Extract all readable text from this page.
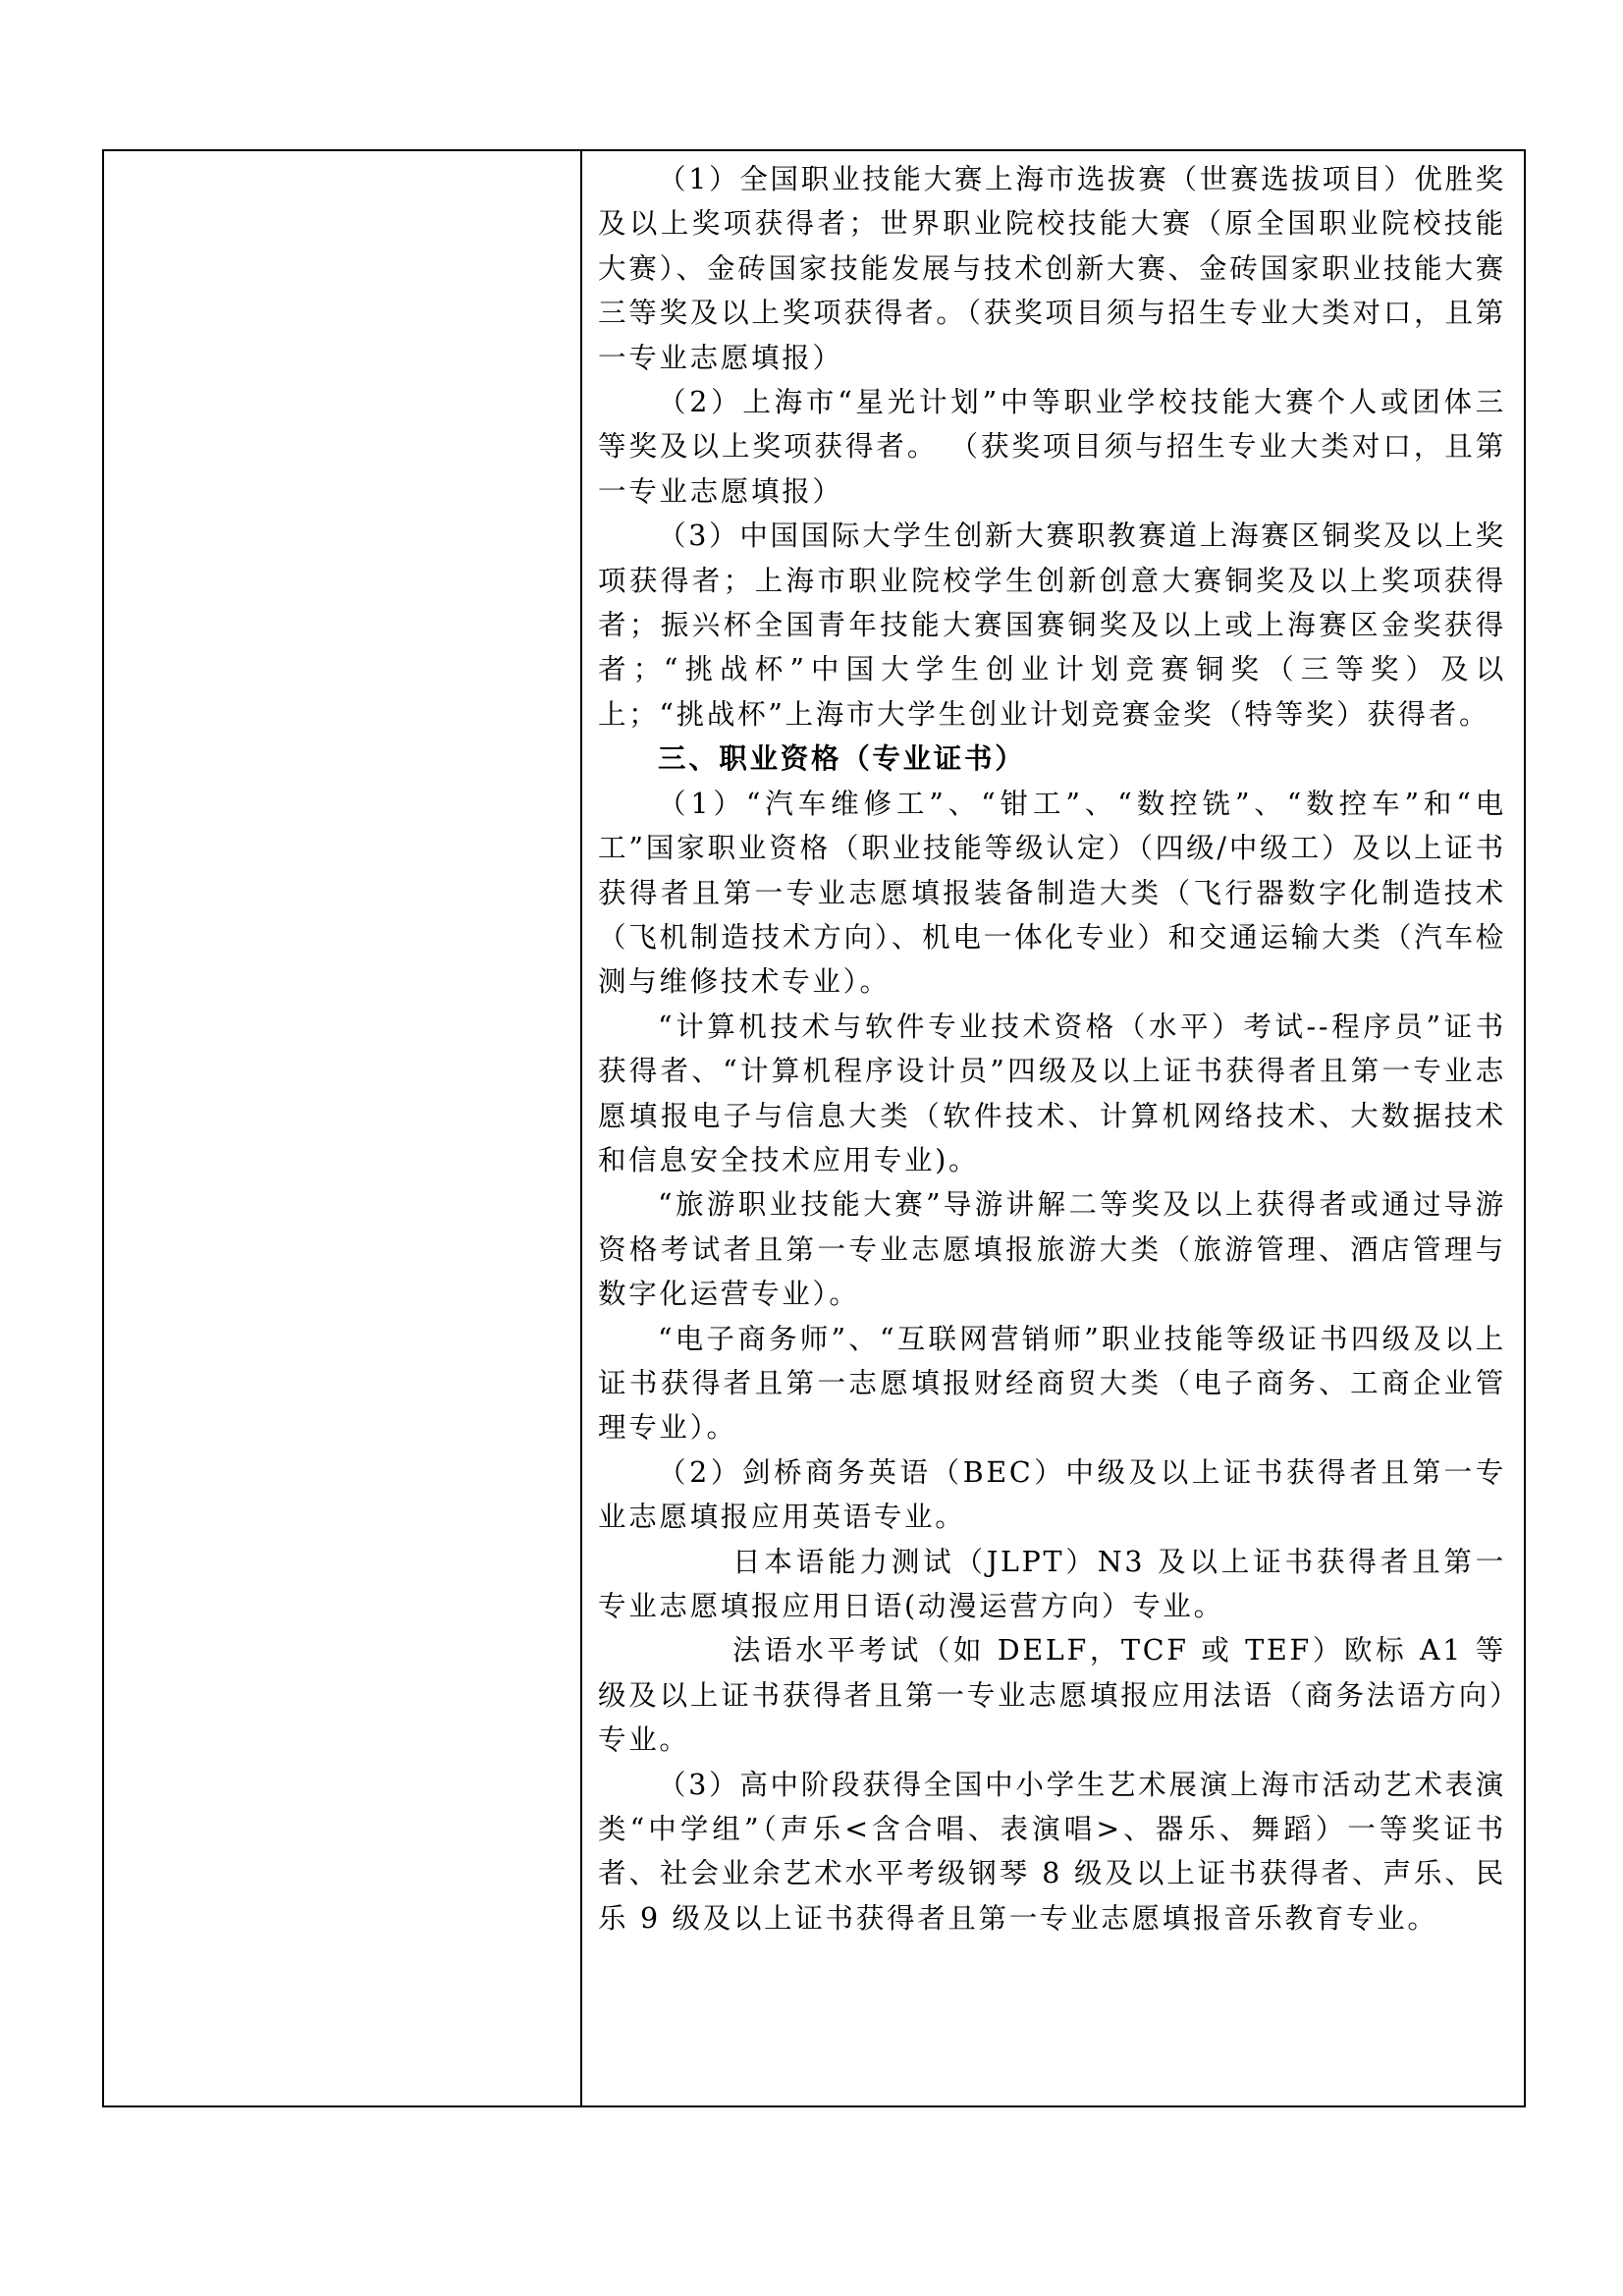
（1）全国职业技能大赛上海市选拔赛（世赛选拔项目）优胜奖及以上奖项获得者；世界职业院校技能大赛（原全国职业院校技能大赛）、金砖国家技能发展与技术创新大赛、金砖国家职业技能大赛三等奖及以上奖项获得者。（获奖项目须与招生专业大类对口，且第一专业志愿填报）

（2）上海市“星光计划”中等职业学校技能大赛个人或团体三等奖及以上奖项获得者。 （获奖项目须与招生专业大类对口，且第一专业志愿填报）

（3）中国国际大学生创新大赛职教赛道上海赛区铜奖及以上奖项获得者；上海市职业院校学生创新创意大赛铜奖及以上奖项获得者；振兴杯全国青年技能大赛国赛铜奖及以上或上海赛区金奖获得者；“挑战杯”中国大学生创业计划竞赛铜奖（三等奖）及以上；“挑战杯”上海市大学生创业计划竞赛金奖（特等奖）获得者。

三、职业资格（专业证书）

（1）“汽车维修工”、“钳工”、“数控铣”、“数控车”和“电工”国家职业资格（职业技能等级认定）（四级/中级工）及以上证书获得者且第一专业志愿填报装备制造大类（飞行器数字化制造技术（飞机制造技术方向）、机电一体化专业）和交通运输大类（汽车检测与维修技术专业）。

“计算机技术与软件专业技术资格（水平）考试--程序员”证书获得者、“计算机程序设计员”四级及以上证书获得者且第一专业志愿填报电子与信息大类（软件技术、计算机网络技术、大数据技术和信息安全技术应用专业)。

“旅游职业技能大赛”导游讲解二等奖及以上获得者或通过导游资格考试者且第一专业志愿填报旅游大类（旅游管理、酒店管理与数字化运营专业）。

“电子商务师”、“互联网营销师”职业技能等级证书四级及以上证书获得者且第一志愿填报财经商贸大类（电子商务、工商企业管理专业）。

（2）剑桥商务英语（BEC）中级及以上证书获得者且第一专业志愿填报应用英语专业。

日本语能力测试（JLPT）N3 及以上证书获得者且第一专业志愿填报应用日语(动漫运营方向）专业。

法语水平考试（如 DELF，TCF 或 TEF）欧标 A1 等级及以上证书获得者且第一专业志愿填报应用法语（商务法语方向）专业。

（3）高中阶段获得全国中小学生艺术展演上海市活动艺术表演类“中学组”（声乐<含合唱、表演唱>、器乐、舞蹈）一等奖证书者、社会业余艺术水平考级钢琴 8 级及以上证书获得者、声乐、民乐 9 级及以上证书获得者且第一专业志愿填报音乐教育专业。
